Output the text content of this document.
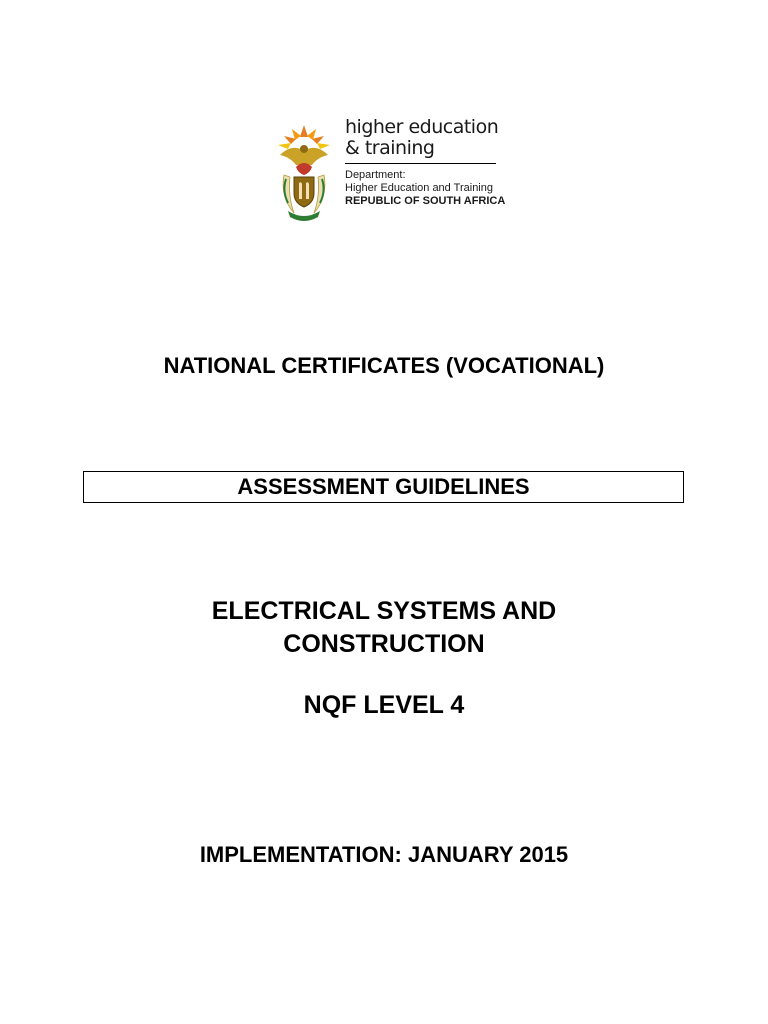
higher education
& training
Department:
Higher Education and Training
REPUBLIC OF SOUTH AFRICA
NATIONAL CERTIFICATES (VOCATIONAL)
ASSESSMENT GUIDELINES
ELECTRICAL SYSTEMS AND
CONSTRUCTION
NQF LEVEL 4
IMPLEMENTATION: JANUARY 2015
